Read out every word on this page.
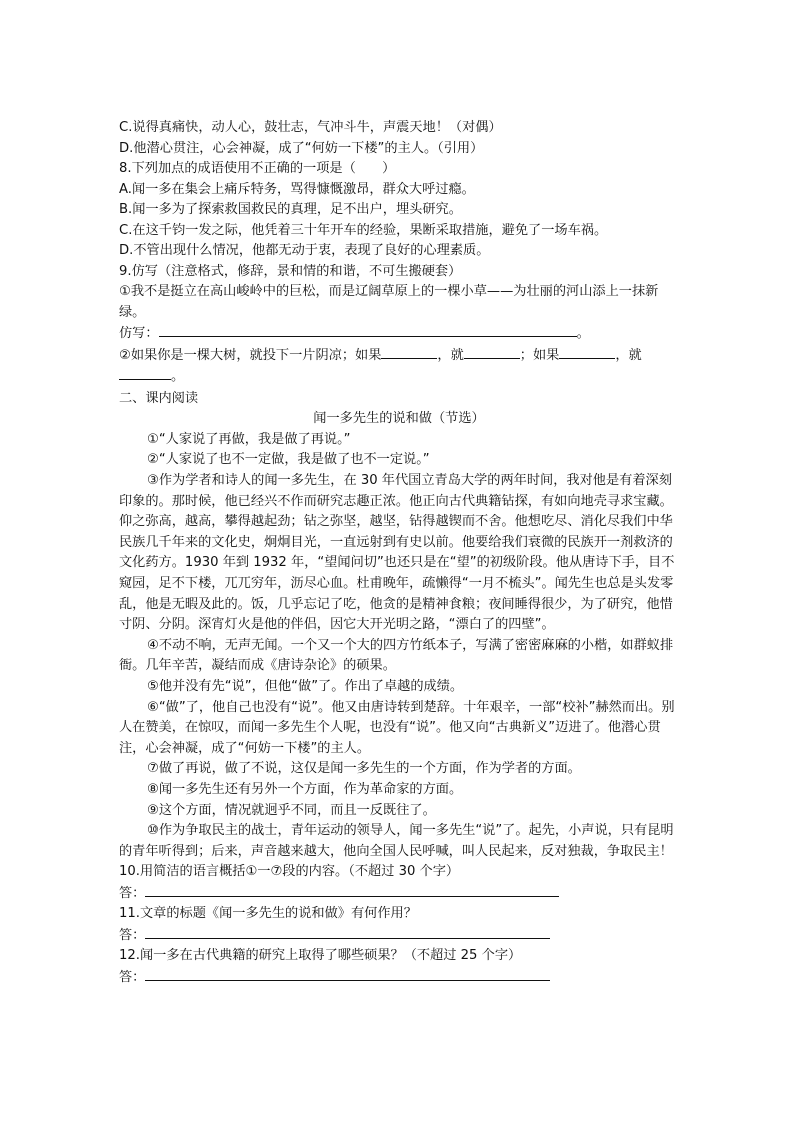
C.说得真痛快，动人心，鼓壮志，气冲斗牛，声震天地！（对偶）
D.他潜心贯注，心会神凝，成了“何妨一下楼”的主人。（引用）
8.下列加点的成语使用不正确的一项是（　　）
A.闻一多在集会上痛斥特务，骂得慷慨激昂，群众大呼过瘾。
B.闻一多为了探索救国救民的真理，足不出户，埋头研究。
C.在这千钧一发之际，他凭着三十年开车的经验，果断采取措施，避免了一场车祸。
D.不管出现什么情况，他都无动于衷，表现了良好的心理素质。
9.仿写（注意格式，修辞，景和情的和谐，不可生搬硬套）
①我不是挺立在高山峻岭中的巨松，而是辽阔草原上的一棵小草——为壮丽的河山添上一抹新绿。
仿写：	。
②如果你是一棵大树，就投下一片阴凉；如果	，就	；如果	，就
。
二、课内阅读
闻一多先生的说和做（节选）
①“人家说了再做，我是做了再说。”
②“人家说了也不一定做，我是做了也不一定说。”
③作为学者和诗人的闻一多先生，在 30 年代国立青岛大学的两年时间，我对他是有着深刻印象的。那时候，他已经兴不作而研究志趣正浓。他正向古代典籍钻探，有如向地壳寻求宝藏。仰之弥高，越高，攀得越起劲；钻之弥坚，越坚，钻得越锲而不舍。他想吃尽、消化尽我们中华民族几千年来的文化史，炯炯目光，一直远射到有史以前。他要给我们衰微的民族开一剂救济的文化药方。1930 年到 1932 年，“望闻问切”也还只是在“望”的初级阶段。他从唐诗下手，目不窥园，足不下楼，兀兀穷年，沥尽心血。杜甫晚年，疏懒得“一月不梳头”。闻先生也总是头发零乱，他是无暇及此的。饭，几乎忘记了吃，他贪的是精神食粮；夜间睡得很少，为了研究，他惜寸阴、分阴。深宵灯火是他的伴侣，因它大开光明之路，“漂白了的四壁”。
④不动不响，无声无闻。一个又一个大的四方竹纸本子，写满了密密麻麻的小楷，如群蚁排衙。几年辛苦，凝结而成《唐诗杂论》的硕果。
⑤他并没有先“说”，但他“做”了。作出了卓越的成绩。
⑥“做”了，他自己也没有“说”。他又由唐诗转到楚辞。十年艰辛，一部“校补”赫然而出。别人在赞美，在惊叹，而闻一多先生个人呢，也没有“说”。他又向“古典新义”迈进了。他潜心贯注，心会神凝，成了“何妨一下楼”的主人。
⑦做了再说，做了不说，这仅是闻一多先生的一个方面，作为学者的方面。
⑧闻一多先生还有另外一个方面，作为革命家的方面。
⑨这个方面，情况就迥乎不同，而且一反既往了。
⑩作为争取民主的战士，青年运动的领导人，闻一多先生“说”了。起先，小声说，只有昆明的青年听得到；后来，声音越来越大，他向全国人民呼喊，叫人民起来，反对独裁，争取民主！
10.用简洁的语言概括①一⑦段的内容。（不超过 30 个字）
答：
11.文章的标题《闻一多先生的说和做》有何作用？
答：
12.闻一多在古代典籍的研究上取得了哪些硕果？（不超过 25 个字）
答：
